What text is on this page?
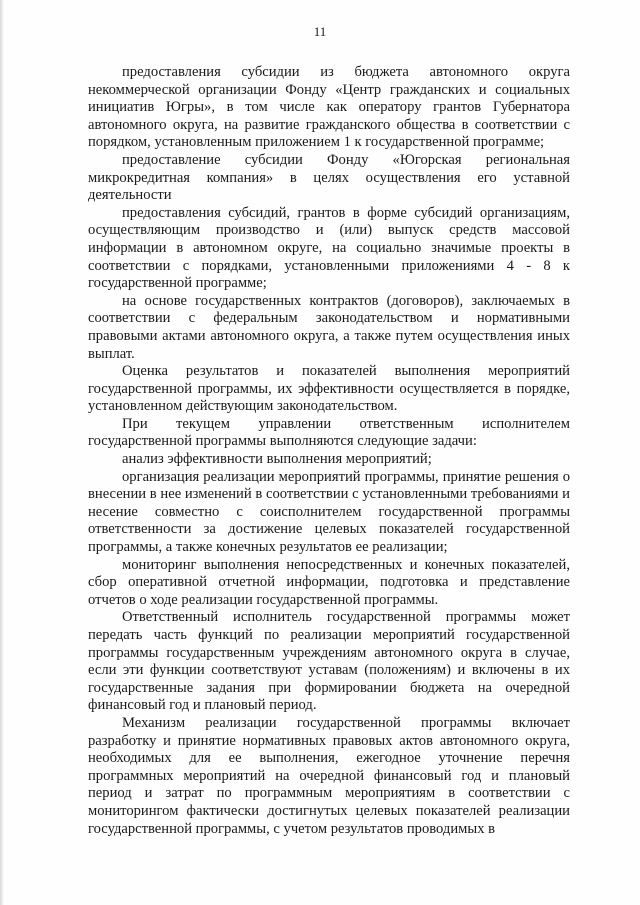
11

предоставления субсидии из бюджета автономного округа некоммерческой организации Фонду «Центр гражданских и социальных инициатив Югры», в том числе как оператору грантов Губернатора автономного округа, на развитие гражданского общества в соответствии с порядком, установленным приложением 1 к государственной программе;

предоставление субсидии Фонду «Югорская региональная микрокредитная компания» в целях осуществления его уставной деятельности

предоставления субсидий, грантов в форме субсидий организациям, осуществляющим производство и (или) выпуск средств массовой информации в автономном округе, на социально значимые проекты в соответствии с порядками, установленными приложениями 4 - 8 к государственной программе;

на основе государственных контрактов (договоров), заключаемых в соответствии с федеральным законодательством и нормативными правовыми актами автономного округа, а также путем осуществления иных выплат.

Оценка результатов и показателей выполнения мероприятий государственной программы, их эффективности осуществляется в порядке, установленном действующим законодательством.

При текущем управлении ответственным исполнителем государственной программы выполняются следующие задачи:

анализ эффективности выполнения мероприятий;

организация реализации мероприятий программы, принятие решения о внесении в нее изменений в соответствии с установленными требованиями и несение совместно с соисполнителем государственной программы ответственности за достижение целевых показателей государственной программы, а также конечных результатов ее реализации;

мониторинг выполнения непосредственных и конечных показателей, сбор оперативной отчетной информации, подготовка и представление отчетов о ходе реализации государственной программы.

Ответственный исполнитель государственной программы может передать часть функций по реализации мероприятий государственной программы государственным учреждениям автономного округа в случае, если эти функции соответствуют уставам (положениям) и включены в их государственные задания при формировании бюджета на очередной финансовый год и плановый период.

Механизм реализации государственной программы включает разработку и принятие нормативных правовых актов автономного округа, необходимых для ее выполнения, ежегодное уточнение перечня программных мероприятий на очередной финансовый год и плановый период и затрат по программным мероприятиям в соответствии с мониторингом фактически достигнутых целевых показателей реализации государственной программы, с учетом результатов проводимых в
